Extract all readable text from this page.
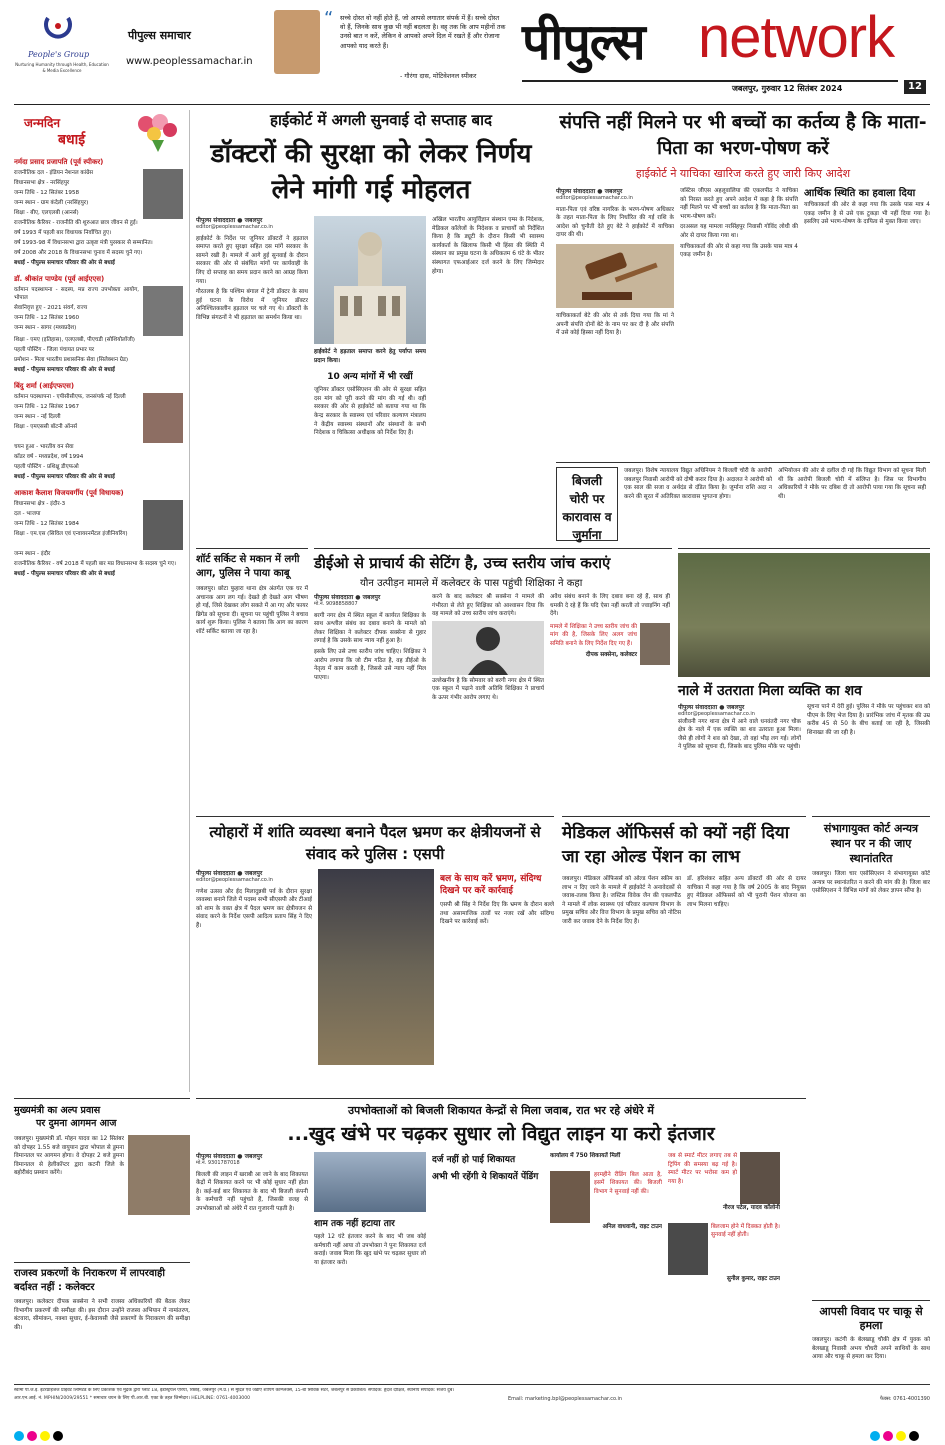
People's Group
Nurturing Humanity through Health, Education & Media Excellence
पीपुल्स समाचार
www.peoplessamachar.in
“ सच्चे दोस्त वो नहीं होते हैं, जो आपसे लगातार संपर्क में हैं। सच्चे दोस्त वो हैं, जिनके साथ कुछ भी नहीं बदलता है। वह्‌ तक कि आप महीनों तक उनसे बात न करें, लेकिन वे आपको अपने दिल में रखते हैं और रोजाना आपको याद करते हैं।
- गौरंगा दास, मोटिवेशनल स्पीकर
पीपुल्स network
जबलपुर, गुरुवार 12 सितंबर 2024	12
जन्मदिन
बधाई
नर्मदा प्रसाद प्रजापति (पूर्व स्पीकर)

राजनीतिक दल - इंडियन नेशनल कांग्रेस

विधानसभा क्षेत्र - नरसिंहपुर

जन्म तिथि - 12 सितंबर 1958

जन्म स्थान - ग्राम कंदेली (नरसिंहपुर)

शिक्षा - बीए, एलएलबी (आनर्स)

राजनीतिक कैरियर - राजनीति की शुरुआत छात्र जीवन से हुई।

वर्ष 1993 में पहली बार विधायक निर्वाचित हुए।

वर्ष 1993-98 में विधानसभा द्वारा उत्कृष्ट मंत्री पुरस्कार से सम्मानित।

वर्ष 2008 और 2018 के विधानसभा चुनाव में सदस्य चुने गए।

बधाई - पीपुल्स समाचार परिवार की ओर से बधाई

डॉ. श्रीकांत पाण्डेय (पूर्व आईएएस)

वर्तमान पदस्थापना - सदस्य, मप्र राज्य उपभोक्ता आयोग, भोपाल

सेवानिवृत्त हुए - 2021 संवर्ग, राज्य

जन्म तिथि - 12 सितंबर 1960

जन्म स्थान - सागर (मध्यप्रदेश)

शिक्षा - एमए (इतिहास), एलएलबी, पीएचडी (सोशियोलॉजी)

पहली पोस्टिंग - जिला पंचायत प्रभार पर

प्रमोशन - मिला भारतीय प्रशासनिक सेवा (सिलेक्शन ग्रेड)

बधाई - पीपुल्स समाचार परिवार की ओर से बधाई

बिंदु शर्मा (आईएफएस)

वर्तमान पदस्थापना - एपीसीसीएफ, जनसंपर्क नई दिल्ली

जन्म तिथि - 12 सितंबर 1967

जन्म स्थान - नई दिल्ली

शिक्षा - एमएससी बॉटनी ऑनर्स

चयन हुआ - भारतीय वन सेवा

कॉडर वर्ष - मध्यप्रदेश, वर्ष 1994

पहली पोस्टिंग - प्रशिक्षु डीएफओ

बधाई - पीपुल्स समाचार परिवार की ओर से बधाई

आकाश कैलाश विजयवर्गीय (पूर्व विधायक)

विधानसभा क्षेत्र - इंदौर-3

दल - भाजपा

जन्म तिथि - 12 सितंबर 1984

शिक्षा - एम.एस (सिविल एवं एन्वायरनमेंटल इंजीनियरिंग)

जन्म स्थान - इंदौर

राजनीतिक कैरियर - वर्ष 2018 में पहली बार मप्र विधानसभा के सदस्य चुने गए।

बधाई - पीपुल्स समाचार परिवार की ओर से बधाई

हाईकोर्ट में अगली सुनवाई दो सप्ताह बाद
डॉक्टरों की सुरक्षा को लेकर निर्णय लेने मांगी गई मोहलत
पीपुल्स संवाददाता ● जबलपुर
editor@peoplessamachar.co.in

हाईकोर्ट के निर्देश पर जूनियर डॉक्टरों ने हड़ताल समाप्त करते हुए सुरक्षा सहित दस मांगें सरकार के सामने रखी हैं। मामले में आगे हुई सुनवाई के दौरान सरकार की ओर से संबंधित मांगों पर कार्यवाही के लिए दो सप्ताह का समय प्रदान करने का आग्रह किया गया।

गौरतलब है कि पश्चिम बंगाल में ट्रेनी डॉक्टर के साथ हुई घटना के विरोध में जूनियर डॉक्टर अनिश्चितकालीन हड़ताल पर चले गए थे। डॉक्टरों के विभिन्न संगठनों ने भी हड़ताल का समर्थन किया था।

हाईकोर्ट ने हड़ताल समाप्त करने हेतु पर्याप्त समय प्रदान किया।

10 अन्य मांगों में भी रखीं

जूनियर डॉक्टर एसोसिएशन की ओर से सुरक्षा सहित दस मांग को पूरी करने की मांग की गई थी। वहीं सरकार की ओर से हाईकोर्ट को बताया गया था कि केन्द्र सरकार के स्वास्थ्य एवं परिवार कल्याण मंत्रालय ने केंद्रीय स्वास्थ्य संस्थानों और संस्थानों के सभी निदेशक व चिकित्सा अधीक्षक को निर्देश दिए हैं।

अखिल भारतीय आयुर्विज्ञान संस्थान एम्स के निदेशक, मेडिकल कॉलेजों के निदेशक व प्राचार्यों को निर्देशित किया है कि ड्यूटी के दौरान किसी भी स्वास्थ्य कार्यकर्ता के खिलाफ किसी भी हिंसा की स्थिति में संस्थान का प्रमुख घटना के अधिकतम 6 घंटे के भीतर संस्थागत एफआईआर दर्ज करने के लिए जिम्मेदार होगा।

संपत्ति नहीं मिलने पर भी बच्चों का कर्तव्य है कि माता-पिता का भरण-पोषण करें
हाईकोर्ट ने याचिका खारिज करते हुए जारी किए आदेश
पीपुल्स संवाददाता ● जबलपुर
editor@peoplessamachar.co.in

माता-पिता एवं वरिष्ठ नागरिक के भरण-पोषण अधिकार के तहत माता-पिता के लिए निर्धारित की गई राशि के आदेश को चुनौती देते हुए बेटे ने हाईकोर्ट में याचिका दायर की थी।

याचिकाकर्ता बेटे की ओर से तर्क दिया गया कि मां ने अपनी संपत्ति दोनों बेटे के नाम पर कर दी है और संपत्ति में उसे कोई हिस्सा नहीं दिया है।

जस्टिस जीएस अहलूवालिया की एकलपीठ ने याचिका को निरस्त करते हुए अपने आदेश में कहा है कि संपत्ति नहीं मिलने पर भी बच्चों का कर्तव्य है कि माता-पिता का भरण-पोषण करें।

दरअसल यह मामला नरसिंहपुर निवासी गोविंद लोधी की ओर से दायर किया गया था।

याचिकाकर्ता की ओर से कहा गया कि उसके पास मात्र 4 एकड़ जमीन है।

आर्थिक स्थिति का हवाला दिया

याचिकाकर्ता की ओर से कहा गया कि उसके पास मात्र 4 एकड़ जमीन है से उसे एक टुकड़ा भी नहीं दिया गया है। इसलिए उसे भरण-पोषण के दायित्व से मुक्त किया जाए।

बिजली चोरी पर कारावास व जुर्माना

जबलपुर। विशेष न्यायालय विद्युत अधिनियम ने बिजली चोरी के आरोपी जबलपुर निवासी आरोपी को दोषी करार दिया है। अदालत ने आरोपी को एक साल की सजा व अर्थदंड से दंडित किया है। जुर्माना राशि अदा न करने की सूरत में अतिरिक्त कारावास भुगतना होगा।

अभियोजन की ओर से दलील दी गई कि विद्युत विभाग को सूचना मिली थी कि आरोपी बिजली चोरी में संलिप्त है। जिस पर विभागीय अधिकारियों ने मौके पर दबिश दी तो आरोपी पाया गया कि सूचना सही थी।

शॉर्ट सर्किट से मकान में लगी आग, पुलिस ने पाया काबू

जबलपुर। छोटा फुहारा थाना क्षेत्र अंतर्गत एक घर में अचानक आग लग गई। देखते ही देखते आग भीषण हो गई, जिसे देखकर लोग सकते में आ गए और फायर ब्रिगेड को सूचना दी। सूचना पर पहुंची पुलिस ने बचाव कार्य शुरू किया। पुलिस ने बताया कि आग का कारण शॉर्ट सर्किट बताया जा रहा है।

डीईओ से प्राचार्य की सेटिंग है, उच्च स्तरीय जांच कराएं
यौन उत्पीड़न मामले में कलेक्टर के पास पहुंची शिक्षिका ने कहा
पीपुल्स संवाददाता ● जबलपुर
मो.नं. 9098858807

बरगी नगर क्षेत्र में स्थित स्कूल में कार्यरत शिक्षिका के साथ अश्लील संबंध का दबाव बनाने के मामले को लेकर शिक्षिका ने कलेक्टर दीपक सक्सेना से गुहार लगाई है कि उसके साथ न्याय नहीं हुआ है।

इसके लिए उसे उच्च स्तरीय जांच चाहिए। शिक्षिका ने आरोप लगाया कि जो टीम गठित है, वह डीईओ के नेतृत्व में काम करती है, जिससे उसे न्याय नहीं मिल पाएगा।

करने के बाद कलेक्टर श्री सक्सेना ने मामले की गंभीरता से लेते हुए शिक्षिका को आश्वासन दिया कि वह मामले को उच्च स्तरीय जांच कराएंगे।

उल्लेखनीय है कि सोमवार को बरगी नगर क्षेत्र में स्थित एक स्कूल में पढ़ाने वाली अतिथि शिक्षिका ने प्राचार्य के ऊपर गंभीर आरोप लगाए थे।

अवैध संबंध बनाने के लिए दबाव बना रहे हैं, साथ ही धमकी दे रहे हैं कि यदि ऐसा नहीं करती तो ज्वाइनिंग नहीं देंगे।

मामले में शिक्षिका ने उच्च स्तरीय जांच की मांग की है, जिसके लिए अलग जांच समिति बनाने के लिए निर्देश दिए गए हैं।

दीपक सक्सेना, कलेक्टर

नाले में उतराता मिला व्यक्ति का शव
पीपुल्स संवाददाता ● जबलपुर
editor@peoplessamachar.co.in

संजीवनी नगर थाना क्षेत्र में आने वाले धनवंतरी नगर चौक क्षेत्र के नाले में एक व्यक्ति का शव उतराता हुआ मिला। जैसे ही लोगों ने शव को देखा, तो वहां भीड़ लग गई। लोगों ने पुलिस को सूचना दी, जिसके बाद पुलिस मौके पर पहुंची।

सूचना पाने में देरी हुई। पुलिस ने मौके पर पहुंचकर शव को पीएम के लिए भेज दिया है। प्रारंभिक जांच में मृतक की उम्र करीब 45 से 50 के बीच बताई जा रही है, जिसकी शिनाख्त की जा रही है।

त्योहारों में शांति व्यवस्था बनाने पैदल भ्रमण कर क्षेत्रीयजनों से संवाद करे पुलिस : एसपी
पीपुल्स संवाददाता ● जबलपुर
editor@peoplessamachar.co.in

गणेश उत्सव और ईद मिलादुन्नबी पर्व के दौरान सुरक्षा व्यवस्था बनाने जिले में पदस्थ सभी सीएसपी और टीआई को शाम के वक्त क्षेत्र में पैदल भ्रमण कर क्षेत्रीयजन से संवाद करने के निर्देश एसपी आदित्य प्रताप सिंह ने दिए हैं।

बल के साथ करें भ्रमण, संदिग्ध दिखने पर करें कार्रवाई

एसपी श्री सिंह ने निर्देश दिए कि भ्रमण के दौरान बल्ले तथा असामाजिक तत्वों पर नजर रखें और संदिग्ध दिखने पर कार्रवाई करें।

मेडिकल ऑफिसर्स को क्यों नहीं दिया जा रहा ओल्ड पेंशन का लाभ

जबलपुर। मेडिकल ऑफिसर्स को ओल्ड पेंशन स्कीम का लाभ न दिए जाने के मामले में हाईकोर्ट ने अनावेदकों से जवाब-तलब किया है। जस्टिस विवेक जैन की एकलपीठ ने मामले में लोक स्वास्थ्य एवं परिवार कल्याण विभाग के प्रमुख सचिव और वित्त विभाग के प्रमुख सचिव को नोटिस जारी कर जवाब देने के निर्देश दिए हैं।

डॉ. हरिशंकर सहित अन्य डॉक्टरों की ओर से दायर याचिका में कहा गया है कि वर्ष 2005 के बाद नियुक्त हुए मेडिकल ऑफिसर्स को भी पुरानी पेंशन योजना का लाभ मिलना चाहिए।

संभागायुक्त कोर्ट अन्यत्र स्थान पर न की जाए स्थानांतरित

जबलपुर। जिला चार एसोसिएशन ने संभागायुक्त कोर्ट अन्यत्र पर स्थानांतरित न करने की मांग की है। जिला बार एसोसिएशन ने विभिन्न मांगों को लेकर ज्ञापन सौंपा है।

उपभोक्ताओं को बिजली शिकायत केन्द्रों से मिला जवाब, रात भर रहे अंधेरे में
...खुद खंभे पर चढ़कर सुधार लो विद्युत लाइन या करो इंतजार
पीपुल्स संवाददाता ● जबलपुर
मो.नं. 9301787018

बिजली की लाइन में खराबी आ जाने के बाद शिकायत केंद्रों में शिकायत करने पर भी कोई सुधार नहीं होता है। कई-कई बार शिकायत के बाद भी बिजली कंपनी के कर्मचारी नहीं पहुंचते हैं, जिसकी वजह से उपभोक्ताओं को अंधेरे में रात गुजारनी पड़ती है।

शाम तक नहीं हटाया तार

पहले 12 घंटे इंतजार करने के बाद भी जब कोई कर्मचारी नहीं आया तो उपभोक्ता ने पुनः शिकायत दर्ज कराई। जवाब मिला कि खुद खंभे पर चढ़कर सुधार लो या इंतजार करो।

दर्ज नहीं हो पाई शिकायत
अभी भी रहेंगी ये शिकायतें पेंडिंग

कार्यालय में 750 शिकायतें मिलीं

हरमहीने रीडिंग बिल आता है, इसमें शिकायत की। बिजली विभाग ने सुनवाई नहीं की।

अनिल वाधवानी, राइट टाउन

जब से स्मार्ट मीटर लगाए तब से ट्रिपिंग की समस्या बढ़ गई है। स्मार्ट मीटर पर भरोसा कम हो गया है।

नीरज पटेल, यादव कॉलोनी

बिलजाम होने में दिक्कत होती है। सुनवाई नहीं होती।

सुनील कुमार, राइट टाउन

मुख्यमंत्री का अल्प प्रवास
पर दुमना आगमन आज

जबलपुर। मुख्यमंत्री डॉ. मोहन यादव का 12 सितंबर को दोपहर 1.55 बजे वायुयान द्वारा भोपाल से डुमना विमानतल पर आगमन होगा। वे दोपहर 2 बजे डुमना विमानतल से हेलीकॉप्टर द्वारा कटनी जिले के बहोरीबंद प्रस्थान करेंगे।

राजस्व प्रकरणों के निराकरण में लापरवाही बर्दाश्त नहीं : कलेक्टर

जबलपुर। कलेक्टर दीपक सक्सेना ने सभी राजस्व अधिकारियों की बैठक लेकर विभागीय प्रकरणों की समीक्षा की। इस दौरान उन्होंने राजस्व अभियान में नामांतरण, बंटवारा, सीमांकन, नक्शा सुधार, ई-केवायसी जैसे प्रकरणों के निराकरण की समीक्षा की।

आपसी विवाद पर चाकू से हमला

जबलपुर। कटंगी के बेलखाडू चौकी क्षेत्र में युवक को बेलखाडू निवासी अभय चौधरी अपने साथियों के साथ आया और चाकू से हमला कर दिया।

स्वामी पी.जे.ई. इंटरप्राइजेज प्राइवेट लिमिटेड के लिए प्रकाशक एवं मुद्रक द्वारा प्लॉट 18, इंडस्ट्रियल एरिया, रिछाई, जबलपुर (म.प्र.) से मुद्रित एवं जेडीए शॉपिंग कॉम्प्लेक्स, 15-बी सिविक सेंटर, जबलपुर से प्रकाशित। संपादक: हृदेश दीक्षित, स्थानीय संपादक: संजय दुबे।
आर.एन.आई. नं. MPHIN/2009/29551 * समाचार चयन के लिए पी.आर.बी. एक्ट के तहत जिम्मेदार। HELPLINE: 0761-4003000	Email: marketing.bpl@peoplessamachar.co.in	फैक्स: 0761-4001390
